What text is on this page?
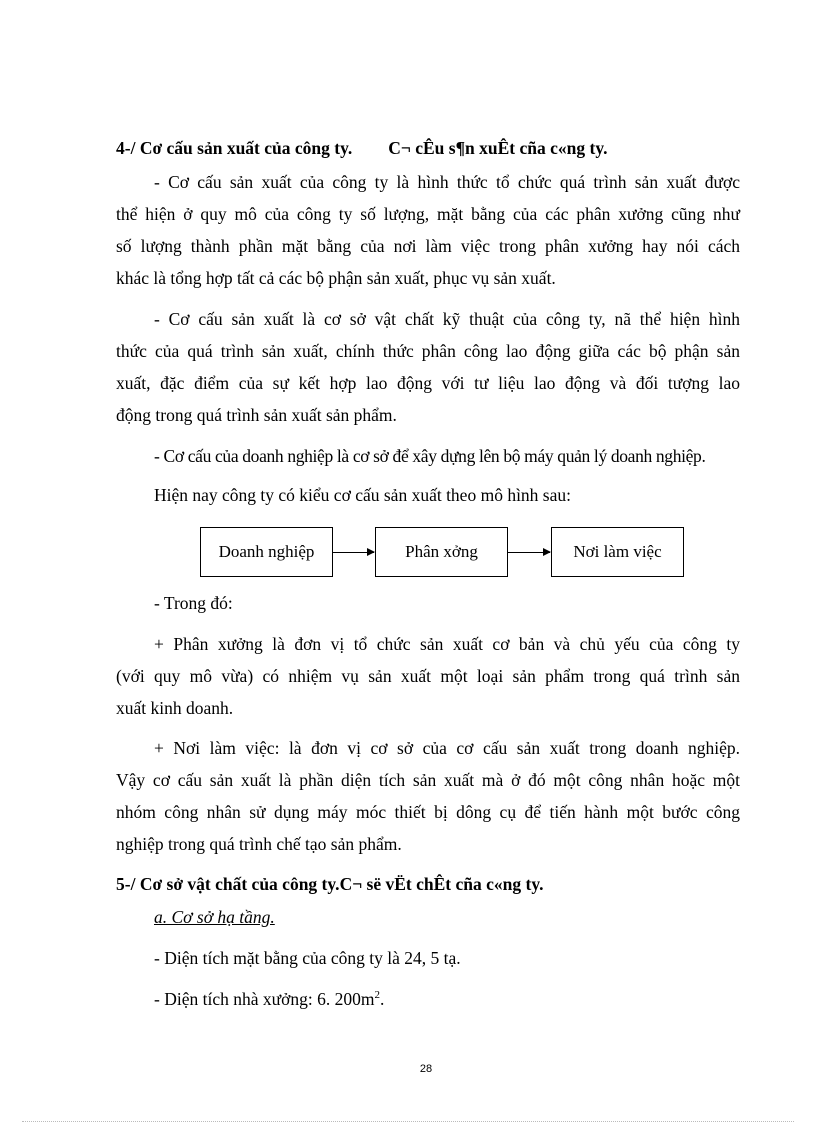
4-/ Cơ cấu sản xuất của công ty. C¬ cÊu s¶n xuÊt cña c«ng ty.
- Cơ cấu sản xuất của công ty là hình thức tổ chức quá trình sản xuất được
thể hiện ở quy mô của công ty số lượng, mặt bằng của các phân xưởng cũng như
số lượng thành phần mặt bằng của nơi làm việc trong phân xưởng hay nói cách
khác là tổng hợp tất cả các bộ phận sản xuất, phục vụ sản xuất.
- Cơ cấu sản xuất là cơ sở vật chất kỹ thuật của công ty, nã thể hiện hình
thức của quá trình sản xuất, chính thức phân công lao động giữa các bộ phận sản
xuất, đặc điểm của sự kết hợp lao động với tư liệu lao động và đối tượng lao
động trong quá trình sản xuất sản phẩm.
- Cơ cấu của doanh nghiệp là cơ sở để xây dựng lên bộ máy quản lý doanh nghiệp.
Hiện nay công ty có kiểu cơ cấu sản xuất theo mô hình sau:
Doanh nghiệp	Phân xởng	Nơi làm việc
- Trong đó:
+ Phân xưởng là đơn vị tổ chức sản xuất cơ bản và chủ yếu của công ty
(với quy mô vừa) có nhiệm vụ sản xuất một loại sản phẩm trong quá trình sản
xuất kinh doanh.
+ Nơi làm việc: là đơn vị cơ sở của cơ cấu sản xuất trong doanh nghiệp.
Vậy cơ cấu sản xuất là phần diện tích sản xuất mà ở đó một công nhân hoặc một
nhóm công nhân sử dụng máy móc thiết bị dông cụ để tiến hành một bước công
nghiệp trong quá trình chế tạo sản phẩm.
5-/ Cơ sở vật chất của công ty.C¬ së vËt chÊt cña c«ng ty.
a. Cơ sở hạ tầng.
- Diện tích mặt bằng của công ty là 24, 5 tạ.
- Diện tích nhà xưởng: 6. $200m^2$.
28
